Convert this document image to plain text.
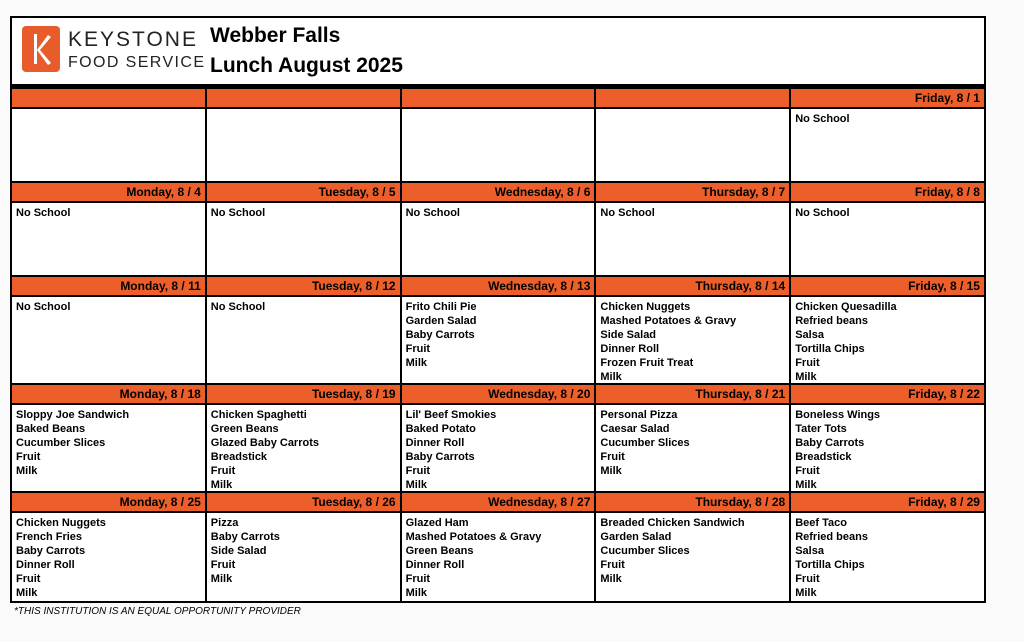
KEYSTONE
FOOD SERVICE
Webber Falls
Lunch August 2025
Friday, 8 / 1
No School
Monday, 8 / 4
No School
Tuesday, 8 / 5
No School
Wednesday, 8 / 6
No School
Thursday, 8 / 7
No School
Friday, 8 / 8
No School
Monday, 8 / 11
No School
Tuesday, 8 / 12
No School
Wednesday, 8 / 13
Frito Chili Pie
Garden Salad
Baby Carrots
Fruit
Milk
Thursday, 8 / 14
Chicken Nuggets
Mashed Potatoes & Gravy
Side Salad
Dinner Roll
Frozen Fruit Treat
Milk
Friday, 8 / 15
Chicken Quesadilla
Refried beans
Salsa
Tortilla Chips
Fruit
Milk
Monday, 8 / 18
Sloppy Joe Sandwich
Baked Beans
Cucumber Slices
Fruit
Milk
Tuesday, 8 / 19
Chicken Spaghetti
Green Beans
Glazed Baby Carrots
Breadstick
Fruit
Milk
Wednesday, 8 / 20
Lil' Beef Smokies
Baked Potato
Dinner Roll
Baby Carrots
Fruit
Milk
Thursday, 8 / 21
Personal Pizza
Caesar Salad
Cucumber Slices
Fruit
Milk
Friday, 8 / 22
Boneless Wings
Tater Tots
Baby Carrots
Breadstick
Fruit
Milk
Monday, 8 / 25
Chicken Nuggets
French Fries
Baby Carrots
Dinner Roll
Fruit
Milk
Tuesday, 8 / 26
Pizza
Baby Carrots
Side Salad
Fruit
Milk
Wednesday, 8 / 27
Glazed Ham
Mashed Potatoes & Gravy
Green Beans
Dinner Roll
Fruit
Milk
Thursday, 8 / 28
Breaded Chicken Sandwich
Garden Salad
Cucumber Slices
Fruit
Milk
Friday, 8 / 29
Beef Taco
Refried beans
Salsa
Tortilla Chips
Fruit
Milk
*THIS INSTITUTION IS AN EQUAL OPPORTUNITY PROVIDER
